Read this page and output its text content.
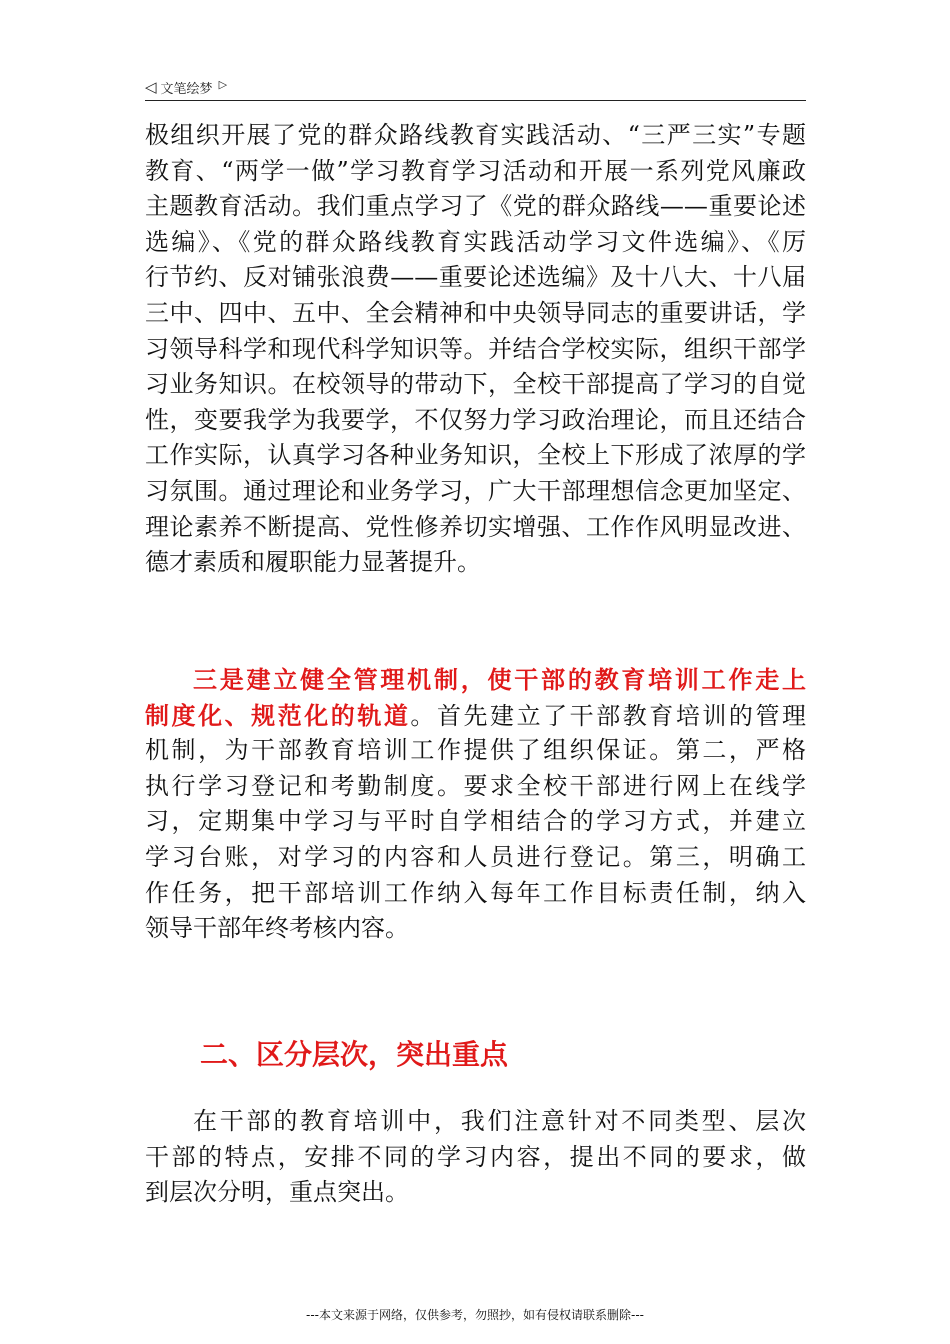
◁ 文笔绘梦 ▷
极组织开展了党的群众路线教育实践活动、“三严三实”专题
教育、“两学一做”学习教育学习活动和开展一系列党风廉政
主题教育活动。我们重点学习了《党的群众路线——重要论述
选编》、《党的群众路线教育实践活动学习文件选编》、《厉
行节约、反对铺张浪费——重要论述选编》及十八大、十八届
三中、四中、五中、全会精神和中央领导同志的重要讲话，学
习领导科学和现代科学知识等。并结合学校实际，组织干部学
习业务知识。在校领导的带动下，全校干部提高了学习的自觉
性，变要我学为我要学，不仅努力学习政治理论，而且还结合
工作实际，认真学习各种业务知识，全校上下形成了浓厚的学
习氛围。通过理论和业务学习，广大干部理想信念更加坚定、
理论素养不断提高、党性修养切实增强、工作作风明显改进、
德才素质和履职能力显著提升。
三是建立健全管理机制，使干部的教育培训工作走上
制度化、规范化的轨道。首先建立了干部教育培训的管理
机制，为干部教育培训工作提供了组织保证。第二，严格
执行学习登记和考勤制度。要求全校干部进行网上在线学
习，定期集中学习与平时自学相结合的学习方式，并建立
学习台账，对学习的内容和人员进行登记。第三，明确工
作任务，把干部培训工作纳入每年工作目标责任制，纳入
领导干部年终考核内容。
二、区分层次，突出重点
在干部的教育培训中，我们注意针对不同类型、层次
干部的特点，安排不同的学习内容，提出不同的要求，做
到层次分明，重点突出。
---本文来源于网络，仅供参考，勿照抄，如有侵权请联系删除---
